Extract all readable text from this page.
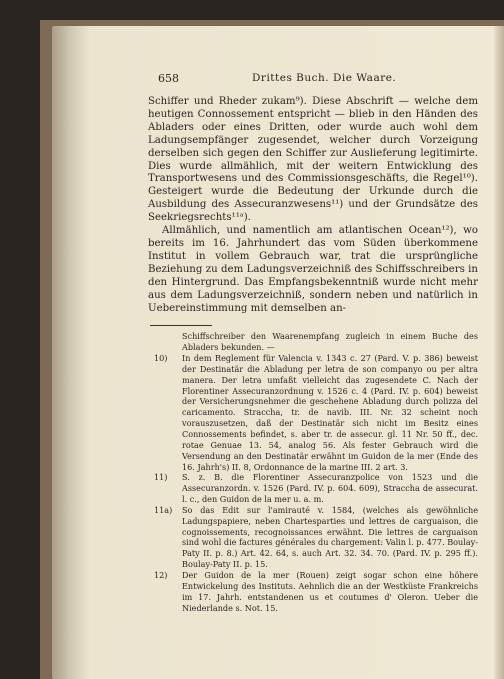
658	Drittes Buch. Die Waare.

Schiffer und Rheder zukam⁹). Diese Abschrift — welche dem heutigen Connossement entspricht — blieb in den Händen des Abladers oder eines Dritten, oder wurde auch wohl dem Ladungsempfänger zugesendet, welcher durch Vorzeigung derselben sich gegen den Schiffer zur Auslieferung legitimirte. Dies wurde allmählich, mit der weitern Entwicklung des Transportwesens und des Commissionsgeschäfts, die Regel¹⁰). Gesteigert wurde die Bedeutung der Urkunde durch die Ausbildung des Assecuranzwesens¹¹) und der Grundsätze des Seekriegsrechts¹¹ᵃ).

Allmählich, und namentlich am atlantischen Ocean¹²), wo bereits im 16. Jahrhundert das vom Süden überkommene Institut in vollem Gebrauch war, trat die ursprüngliche Beziehung zu dem Ladungsverzeichniß des Schiffsschreibers in den Hintergrund. Das Empfangsbekenntniß wurde nicht mehr aus dem Ladungsverzeichniß, sondern neben und natürlich in Uebereinstimmung mit demselben an-

Schiffschreiber den Waarenempfang zugleich in einem Buche des Abladers bekunden. —

10)	In dem Reglement für Valencia v. 1343 c. 27 (Pard. V. p. 386) beweist der Destinatär die Abladung per letra de son companyo ou per altra manera. Der letra umfaßt vielleicht das zugesendete C. Nach der Florentiner Assecuranzordnung v. 1526 c. 4 (Pard. IV. p. 604) beweist der Versicherungsnehmer die geschehene Abladung durch polizza del caricamento. Stracchа, tr. de navib. III. Nr. 32 scheint noch vorauszusetzen, daß der Destinatär sich nicht im Besitz eines Connossements befindet, s. aber tr. de assecur. gl. 11 Nr. 50 ff., dec. rotae Genuae 13. 54, analog 56. Als fester Gebrauch wird die Versendung an den Destinatär erwähnt im Guidon de la mer (Ende des 16. Jahrh's) II. 8, Ordonnance de la marine III. 2 art. 3.
11)	S. z. B. die Florentiner Assecuranzpolice von 1523 und die Assecuranzordn. v. 1526 (Pard. IV. p. 604. 609), Stracchа de assecurat. l. c., den Guidon de la mer u. a. m.
11a)	So das Edit sur l'amirauté v. 1584, (welches als gewöhnliche Ladungspapiere, neben Chartesparties und lettres de carguaison, die cognoissements, recognoissances erwähnt. Die lettres de carguaison sind wohl die factures générales du chargement: Valin l. p. 477. Boulay-Paty II. p. 8.) Art. 42. 64, s. auch Art. 32. 34. 70. (Pard. IV. p. 295 ff.). Boulay-Paty II. p. 15.
12)	Der Guidon de la mer (Rouen) zeigt sogar schon eine höhere Entwickelung des Instituts. Aehnlich die an der Westküste Frankreichs im 17. Jahrh. entstandenen us et coutumes d' Oleron. Ueber die Niederlande s. Not. 15.
